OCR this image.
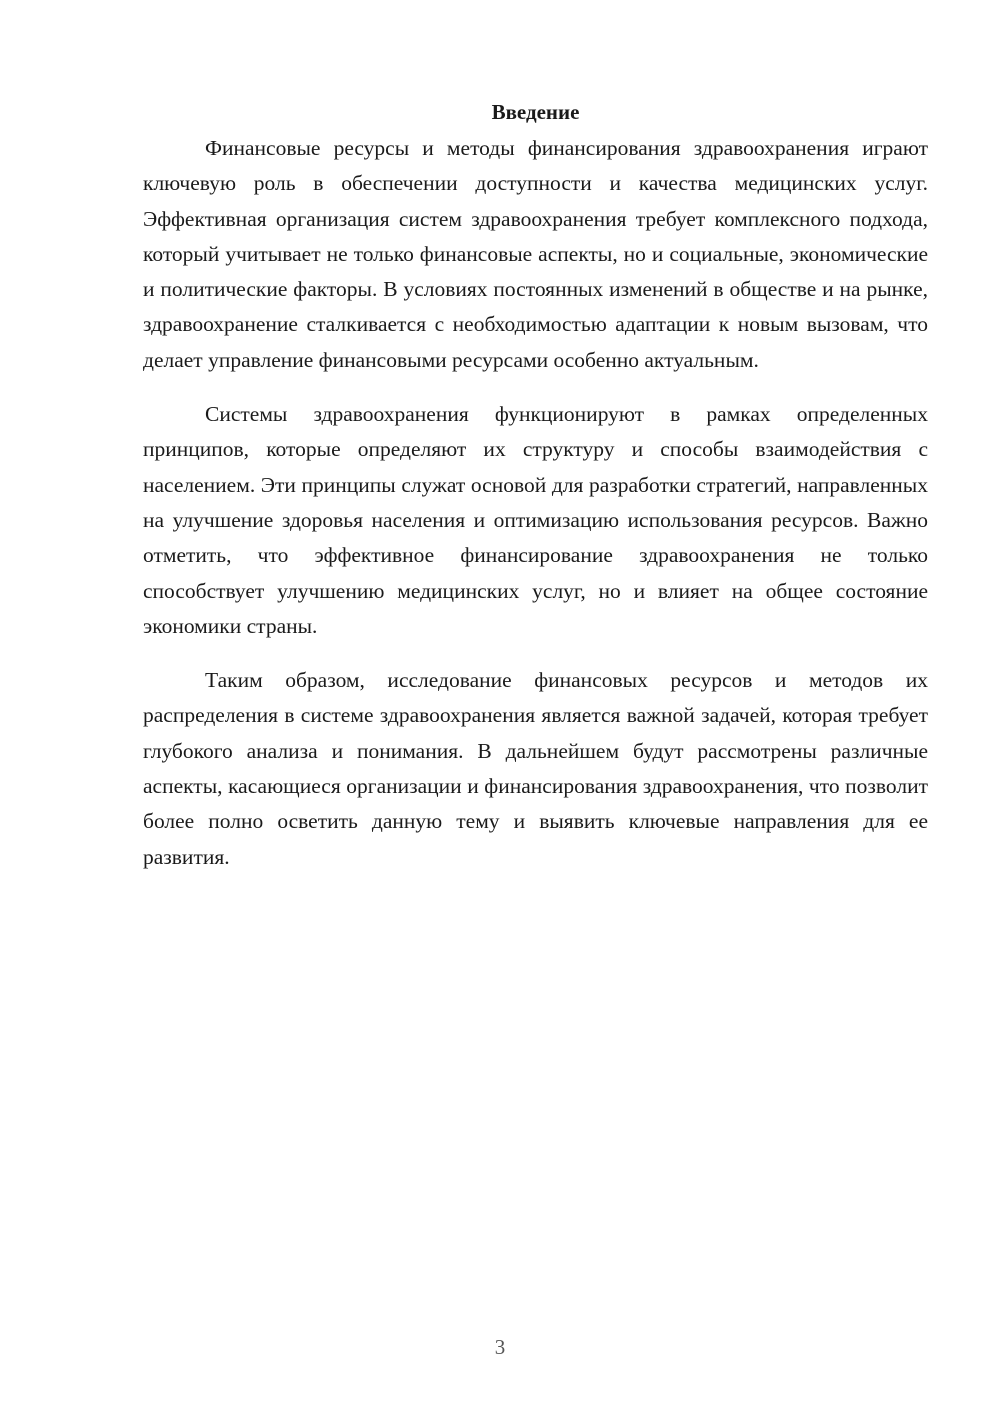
Введение

Финансовые ресурсы и методы финансирования здравоохранения играют ключевую роль в обеспечении доступности и качества медицинских услуг. Эффективная организация систем здравоохранения требует комплексного подхода, который учитывает не только финансовые аспекты, но и социальные, экономические и политические факторы. В условиях постоянных изменений в обществе и на рынке, здравоохранение сталкивается с необходимостью адаптации к новым вызовам, что делает управление финансовыми ресурсами особенно актуальным.

Системы здравоохранения функционируют в рамках определенных принципов, которые определяют их структуру и способы взаимодействия с населением. Эти принципы служат основой для разработки стратегий, направленных на улучшение здоровья населения и оптимизацию использования ресурсов. Важно отметить, что эффективное финансирование здравоохранения не только способствует улучшению медицинских услуг, но и влияет на общее состояние экономики страны.

Таким образом, исследование финансовых ресурсов и методов их распределения в системе здравоохранения является важной задачей, которая требует глубокого анализа и понимания. В дальнейшем будут рассмотрены различные аспекты, касающиеся организации и финансирования здравоохранения, что позволит более полно осветить данную тему и выявить ключевые направления для ее развития.

3
